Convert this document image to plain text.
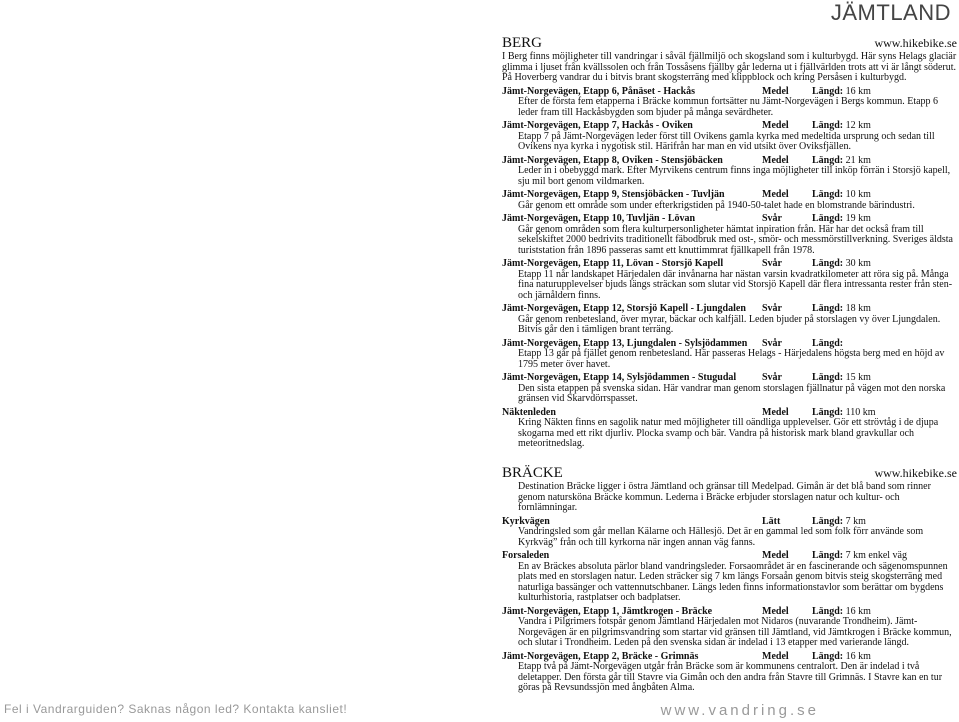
JÄMTLAND
BERG	www.hikebike.se
I Berg finns möjligheter till vandringar i såväl fjällmiljö och skogsland som i kulturbygd. Här syns Helags glaciär glimma i ljuset från kvällssolen och från Tossåsens fjällby går lederna ut i fjällvärlden trots att vi är långt söderut. På Hoverberg vandrar du i bitvis brant skogsterräng med klippblock och kring Persåsen i kulturbygd.
Jämt-Norgevägen, Etapp 6, Pånäset - Hackås	Medel	Längd: 16 km
Efter de första fem etapperna i Bräcke kommun fortsätter nu Jämt-Norgevägen i Bergs kommun. Etapp 6 leder fram till Hackåsbygden som bjuder på många sevärdheter.
Jämt-Norgevägen, Etapp 7, Hackås - Oviken	Medel	Längd: 12 km
Etapp 7 på Jämt-Norgevägen leder först till Ovikens gamla kyrka med medeltida ursprung och sedan till Ovikens nya kyrka i nygotisk stil. Härifrån har man en vid utsikt över Oviksfjällen.
Jämt-Norgevägen, Etapp 8, Oviken - Stensjöbäcken	Medel	Längd: 21 km
Leder in i obebyggd mark. Efter Myrvikens centrum finns inga möjligheter till inköp förrän i Storsjö kapell, sju mil bort genom vildmarken.
Jämt-Norgevägen, Etapp 9, Stensjöbäcken - Tuvljän	Medel	Längd: 10 km
Går genom ett område som under efterkrigstiden på 1940-50-talet hade en blomstrande bärindustri.
Jämt-Norgevägen, Etapp 10, Tuvljän - Lövan	Svår	Längd: 19 km
Går genom områden som flera kulturpersonligheter hämtat inpiration från. Här har det också fram till sekelskiftet 2000 bedrivits traditionellt fäbodbruk med ost-, smör- och messmörstillverkning. Sveriges äldsta turiststation från 1896 passeras samt ett knuttimmrat fjällkapell från 1978.
Jämt-Norgevägen, Etapp 11, Lövan - Storsjö Kapell	Svår	Längd: 30 km
Etapp 11 når landskapet Härjedalen där invånarna har nästan varsin kvadratkilometer att röra sig på. Många fina naturupplevelser bjuds längs sträckan som slutar vid Storsjö Kapell där flera intressanta rester från sten- och järnåldern finns.
Jämt-Norgevägen, Etapp 12, Storsjö Kapell - Ljungdalen	Svår	Längd: 18 km
Går genom renbetesland, över myrar, bäckar och kalfjäll. Leden bjuder på storslagen vy över Ljungdalen. Bitvis går den i tämligen brant terräng.
Jämt-Norgevägen, Etapp 13, Ljungdalen - Sylsjödammen	Svår	Längd:
Etapp 13 går på fjället genom renbetesland. Här passeras Helags - Härjedalens högsta berg med en höjd av 1795 meter över havet.
Jämt-Norgevägen, Etapp 14, Sylsjödammen - Stugudal	Svår	Längd: 15 km
Den sista etappen på svenska sidan. Här vandrar man genom storslagen fjällnatur på vägen mot den norska gränsen vid Skarvdörrspasset.
Näktenleden	Medel	Längd: 110 km
Kring Näkten finns en sagolik natur med möjligheter till oändliga upplevelser. Gör ett strövtåg i de djupa skogarna med ett rikt djurliv. Plocka svamp och bär. Vandra på historisk mark bland gravkullar och meteoritnedslag.
BRÄCKE	www.hikebike.se
Destination Bräcke ligger i östra Jämtland och gränsar till Medelpad. Gimån är det blå band som rinner genom natursköna Bräcke kommun. Lederna i Bräcke erbjuder storslagen natur och kultur- och fornlämningar.
Kyrkvägen	Lätt	Längd: 7 km
Vandringsled som går mellan Kälarne och Hällesjö. Det är en gammal led som folk förr använde som Kyrkväg” från och till kyrkorna när ingen annan väg fanns.
Forsaleden	Medel	Längd: 7 km enkel väg
En av Bräckes absoluta pärlor bland vandringsleder. Forsaområdet är en fascinerande och sägenomspunnen plats med en storslagen natur. Leden sträcker sig 7 km längs Forsaån genom bitvis steig skogsterräng med naturliga bassänger och vattennutschbaner. Längs leden finns informationstavlor som berättar om bygdens kulturhistoria, rastplatser och badplatser.
Jämt-Norgevägen, Etapp 1, Jämtkrogen - Bräcke	Medel	Längd: 16 km
Vandra i Pilgrimers fotspår genom Jämtland Härjedalen mot Nidaros (nuvarande Trondheim). Jämt-Norgevägen är en pilgrimsvandring som startar vid gränsen till Jämtland, vid Jämtkrogen i Bräcke kommun, och slutar i Trondheim. Leden på den svenska sidan är indelad i 13 etapper med varierande längd.
Jämt-Norgevägen, Etapp 2, Bräcke - Grimnäs	Medel	Längd: 16 km
Etapp två på Jämt-Norgevägen utgår från Bräcke som är kommunens centralort. Den är indelad i två deletapper. Den första går till Stavre via Gimån och den andra från Stavre till Grimnäs. I Stavre kan en tur göras på Revsundssjön med ångbåten Alma.
Fel i Vandrarguiden? Saknas någon led? Kontakta kansliet!	www.vandring.se
